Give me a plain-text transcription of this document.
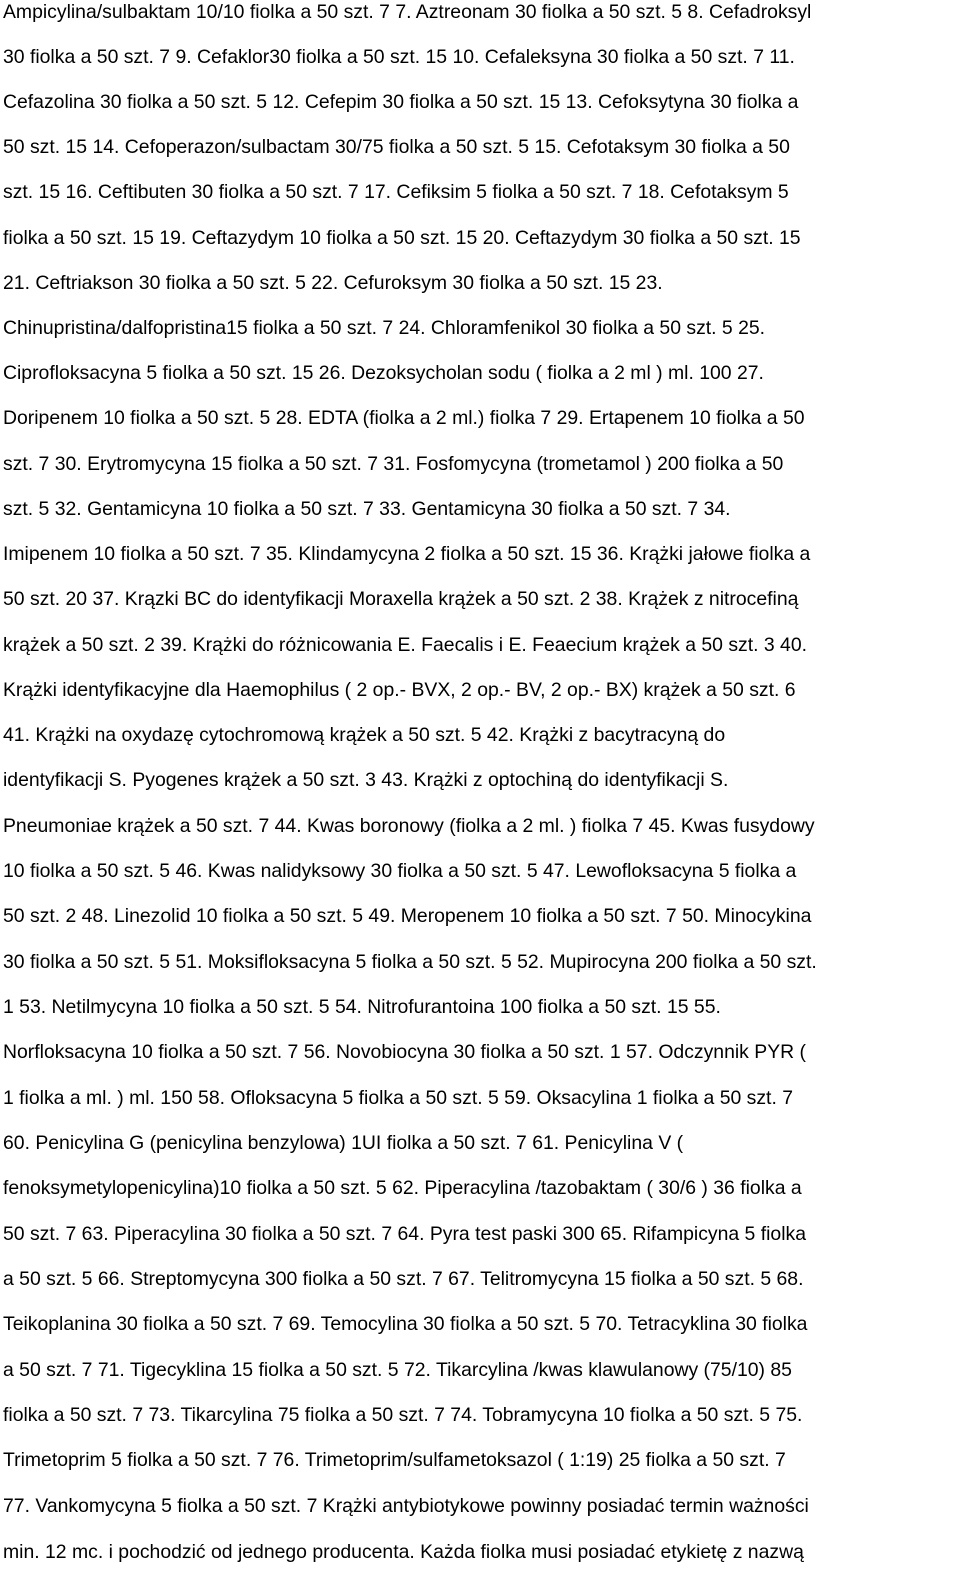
Ampicylina/sulbaktam 10/10 fiolka a 50 szt. 7 7. Aztreonam 30 fiolka a 50 szt. 5 8. Cefadroksyl

30 fiolka a 50 szt. 7 9. Cefaklor30 fiolka a 50 szt. 15 10. Cefaleksyna 30 fiolka a 50 szt. 7 11.

Cefazolina 30 fiolka a 50 szt. 5 12. Cefepim 30 fiolka a 50 szt. 15 13. Cefoksytyna 30 fiolka a

50 szt. 15 14. Cefoperazon/sulbactam 30/75 fiolka a 50 szt. 5 15. Cefotaksym 30 fiolka a 50

szt. 15 16. Ceftibuten 30 fiolka a 50 szt. 7 17. Cefiksim 5 fiolka a 50 szt. 7 18. Cefotaksym 5

fiolka a 50 szt. 15 19. Ceftazydym 10 fiolka a 50 szt. 15 20. Ceftazydym 30 fiolka a 50 szt. 15

21. Ceftriakson 30 fiolka a 50 szt. 5 22. Cefuroksym 30 fiolka a 50 szt. 15 23.

Chinupristina/dalfopristina15 fiolka a 50 szt. 7 24. Chloramfenikol 30 fiolka a 50 szt. 5 25.

Ciprofloksacyna 5 fiolka a 50 szt. 15 26. Dezoksycholan sodu ( fiolka a 2 ml ) ml. 100 27.

Doripenem 10 fiolka a 50 szt. 5 28. EDTA (fiolka a 2 ml.) fiolka 7 29. Ertapenem 10 fiolka a 50

szt. 7 30. Erytromycyna 15 fiolka a 50 szt. 7 31. Fosfomycyna (trometamol ) 200 fiolka a 50

szt. 5 32. Gentamicyna 10 fiolka a 50 szt. 7 33. Gentamicyna 30 fiolka a 50 szt. 7 34.

Imipenem 10 fiolka a 50 szt. 7 35. Klindamycyna 2 fiolka a 50 szt. 15 36. Krążki jałowe fiolka a

50 szt. 20 37. Krązki BC do identyfikacji Moraxella krążek a 50 szt. 2 38. Krążek z nitrocefiną

krążek a 50 szt. 2 39. Krążki do różnicowania E. Faecalis i E. Feaecium krążek a 50 szt. 3 40.

Krążki identyfikacyjne dla Haemophilus ( 2 op.- BVX, 2 op.- BV, 2 op.- BX) krążek a 50 szt. 6

41. Krążki na oxydazę cytochromową krążek a 50 szt. 5 42. Krążki z bacytracyną do

identyfikacji S. Pyogenes krążek a 50 szt. 3 43. Krążki z optochiną do identyfikacji S.

Pneumoniae krążek a 50 szt. 7 44. Kwas boronowy (fiolka a 2 ml. ) fiolka 7 45. Kwas fusydowy

10 fiolka a 50 szt. 5 46. Kwas nalidyksowy 30 fiolka a 50 szt. 5 47. Lewofloksacyna 5 fiolka a

50 szt. 2 48. Linezolid 10 fiolka a 50 szt. 5 49. Meropenem 10 fiolka a 50 szt. 7 50. Minocykina

30 fiolka a 50 szt. 5 51. Moksifloksacyna 5 fiolka a 50 szt. 5 52. Mupirocyna 200 fiolka a 50 szt.

1 53. Netilmycyna 10 fiolka a 50 szt. 5 54. Nitrofurantoina 100 fiolka a 50 szt. 15 55.

Norfloksacyna 10 fiolka a 50 szt. 7 56. Novobiocyna 30 fiolka a 50 szt. 1 57. Odczynnik PYR (

1 fiolka a ml. ) ml. 150 58. Ofloksacyna 5 fiolka a 50 szt. 5 59. Oksacylina 1 fiolka a 50 szt. 7

60. Penicylina G (penicylina benzylowa) 1UI fiolka a 50 szt. 7 61. Penicylina V (

fenoksymetylopenicylina)10 fiolka a 50 szt. 5 62. Piperacylina /tazobaktam ( 30/6 ) 36 fiolka a

50 szt. 7 63. Piperacylina 30 fiolka a 50 szt. 7 64. Pyra test paski 300 65. Rifampicyna 5 fiolka

a 50 szt. 5 66. Streptomycyna 300 fiolka a 50 szt. 7 67. Telitromycyna 15 fiolka a 50 szt. 5 68.

Teikoplanina 30 fiolka a 50 szt. 7 69. Temocylina 30 fiolka a 50 szt. 5 70. Tetracyklina 30 fiolka

a 50 szt. 7 71. Tigecyklina 15 fiolka a 50 szt. 5 72. Tikarcylina /kwas klawulanowy (75/10) 85

fiolka a 50 szt. 7 73. Tikarcylina 75 fiolka a 50 szt. 7 74. Tobramycyna 10 fiolka a 50 szt. 5 75.

Trimetoprim 5 fiolka a 50 szt. 7 76. Trimetoprim/sulfametoksazol ( 1:19) 25 fiolka a 50 szt. 7

77. Vankomycyna 5 fiolka a 50 szt. 7 Krążki antybiotykowe powinny posiadać termin ważności

min. 12 mc. i pochodzić od jednego producenta. Każda fiolka musi posiadać etykietę z nazwą
